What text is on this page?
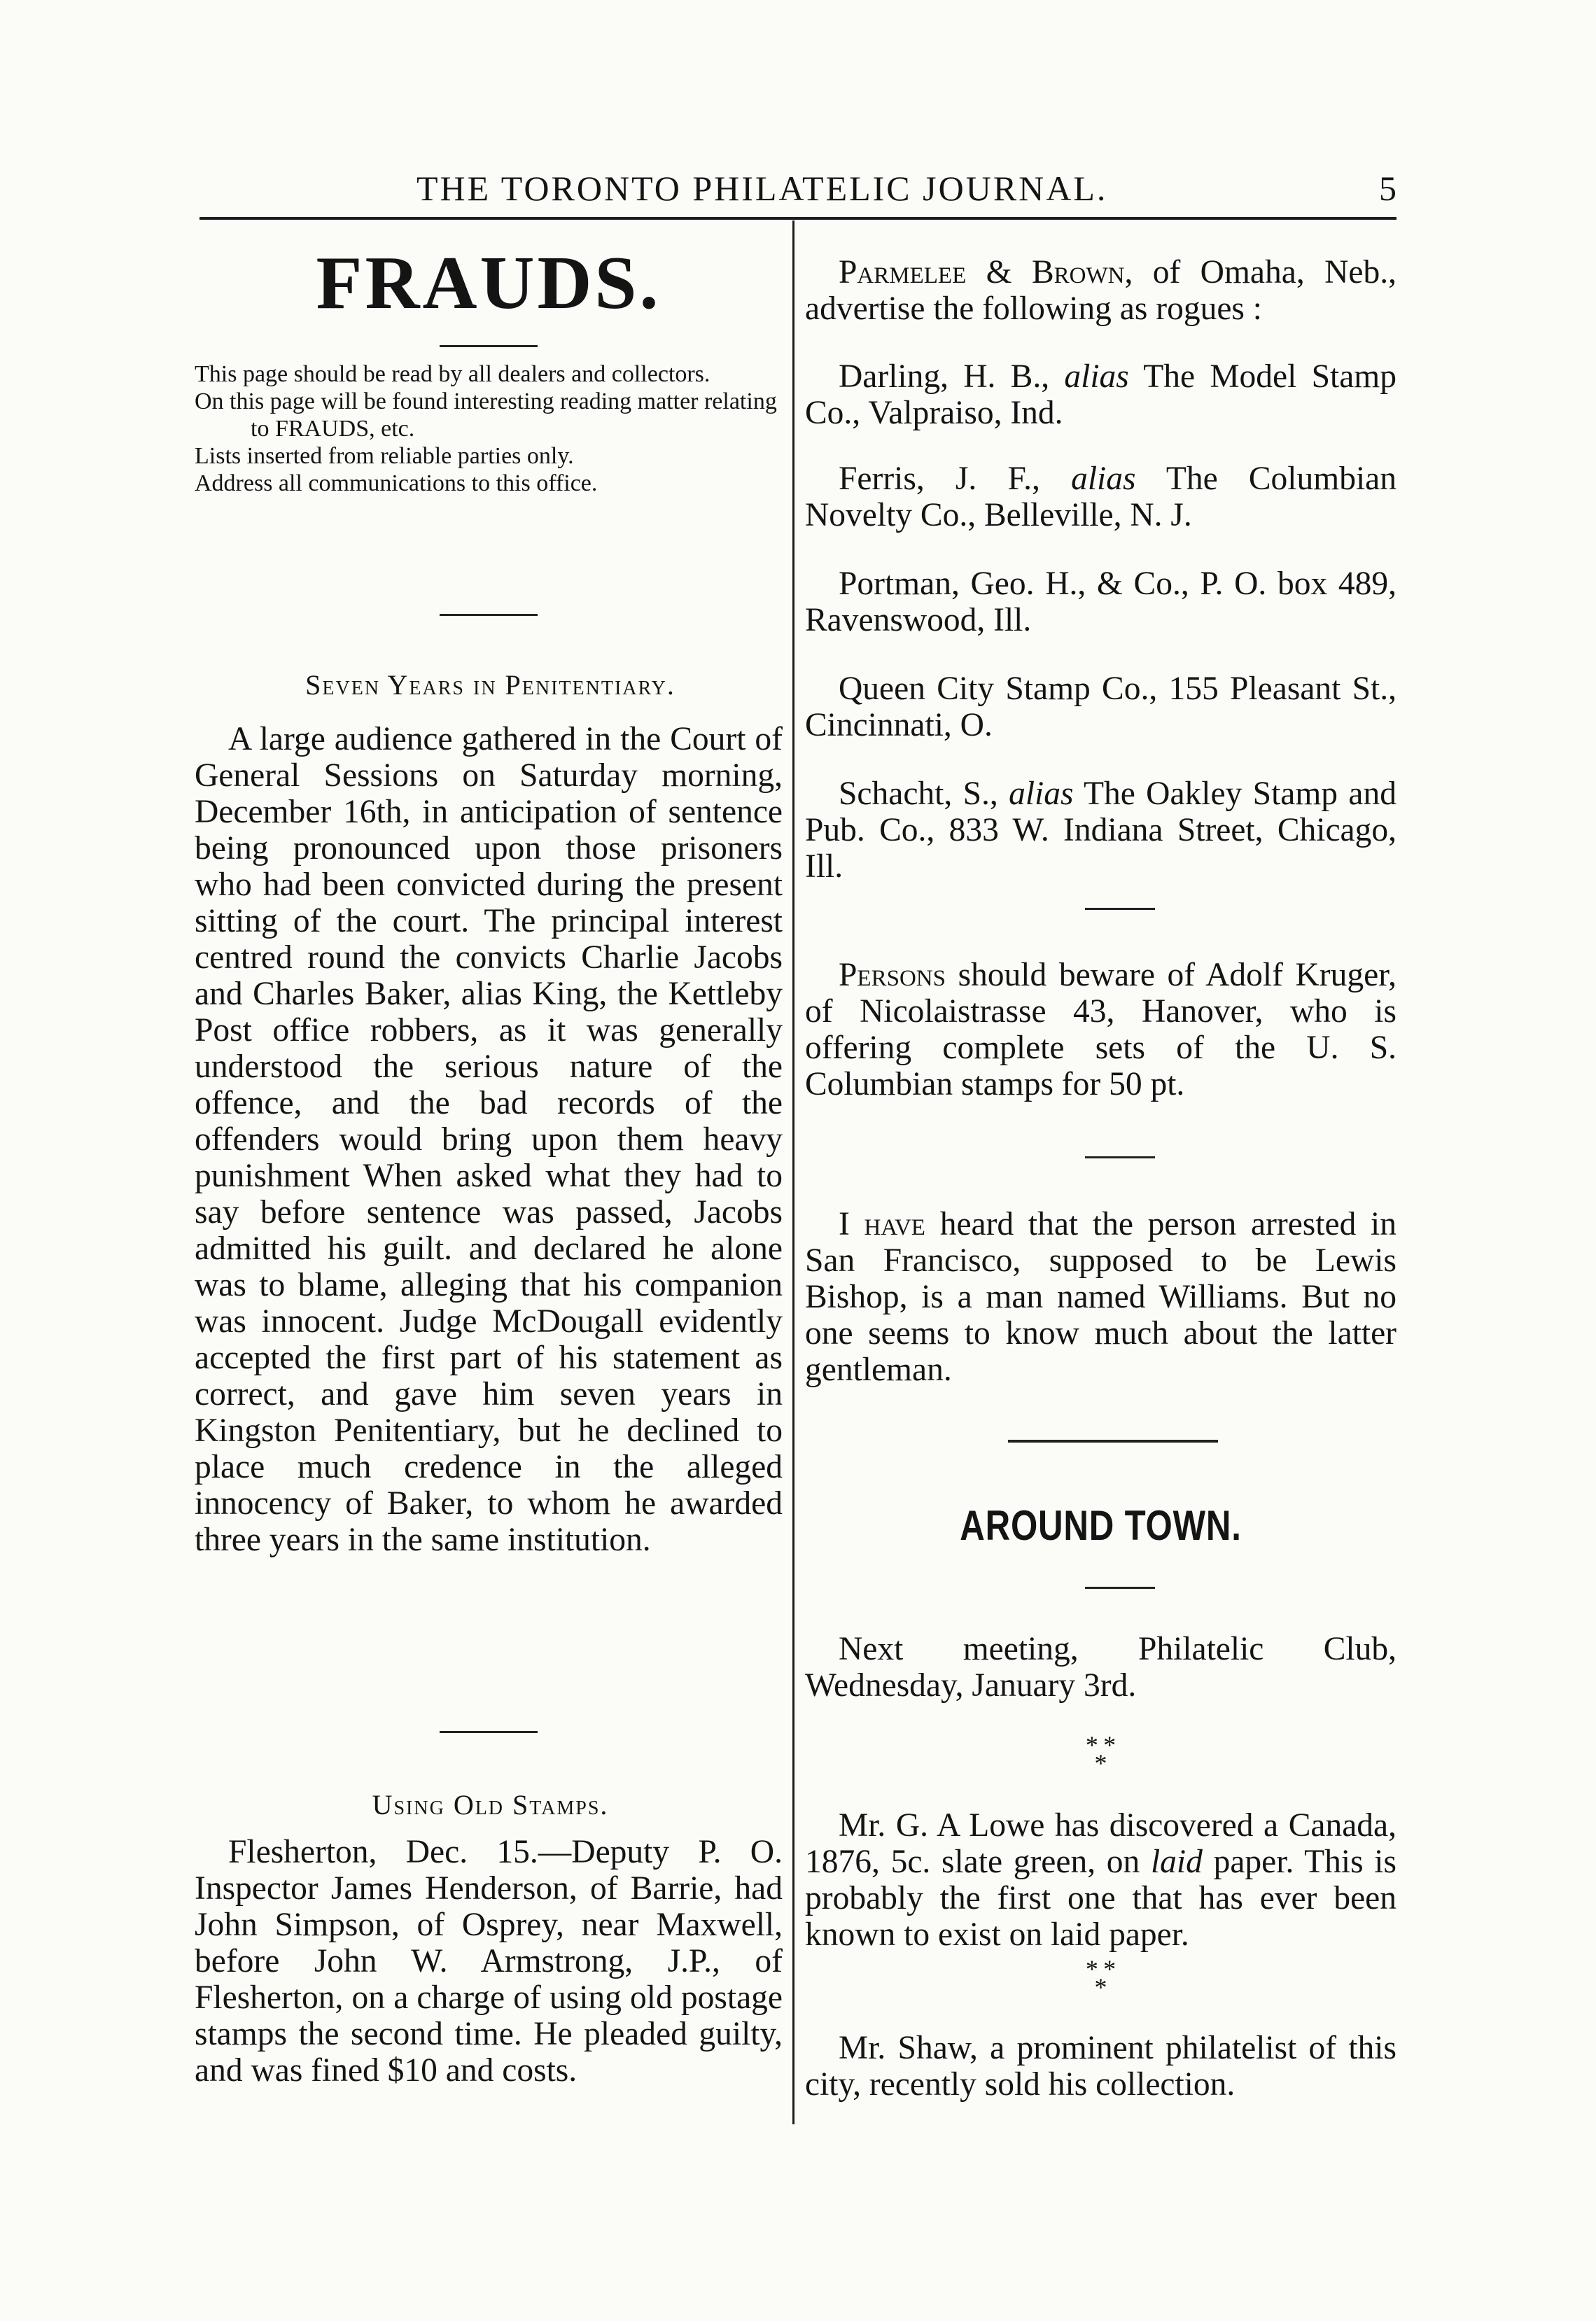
THE TORONTO PHILATELIC JOURNAL.	5
FRAUDS.
This page should be read by all dealers and collectors.
On this page will be found interesting reading matter relating to FRAUDS, etc.
Lists inserted from reliable parties only.
Address all communications to this office.
Seven Years in Penitentiary.

A large audience gathered in the Court of General Sessions on Saturday morning, December 16th, in anticipation of sentence being pronounced upon those prisoners who had been convicted during the present sitting of the court. The principal interest centred round the convicts Charlie Jacobs and Charles Baker, alias King, the Kettleby Post office robbers, as it was generally understood the serious nature of the offence, and the bad records of the offenders would bring upon them heavy punishment When asked what they had to say before sentence was passed, Jacobs admitted his guilt. and declared he alone was to blame, alleging that his companion was innocent. Judge McDougall evidently accepted the first part of his statement as correct, and gave him seven years in Kingston Penitentiary, but he declined to place much credence in the alleged innocency of Baker, to whom he awarded three years in the same institution.

Using Old Stamps.

Flesherton, Dec. 15.—Deputy P. O. Inspector James Henderson, of Barrie, had John Simpson, of Osprey, near Maxwell, before John W. Armstrong, J.P., of Flesherton, on a charge of using old postage stamps the second time. He pleaded guilty, and was fined $10 and costs.

Parmelee & Brown, of Omaha, Neb., advertise the following as rogues :

Darling, H. B., alias The Model Stamp Co., Valpraiso, Ind.

Ferris, J. F., alias The Columbian Novelty Co., Belleville, N. J.

Portman, Geo. H., & Co., P. O. box 489, Ravenswood, Ill.

Queen City Stamp Co., 155 Pleasant St., Cincinnati, O.

Schacht, S., alias The Oakley Stamp and Pub. Co., 833 W. Indiana Street, Chicago, Ill.

Persons should beware of Adolf Kruger, of Nicolaistrasse 43, Hanover, who is offering complete sets of the U. S. Columbian stamps for 50 pt.

I have heard that the person arrested in San Francisco, supposed to be Lewis Bishop, is a man named Williams. But no one seems to know much about the latter gentleman.

AROUND TOWN.

Next meeting, Philatelic Club, Wednesday, January 3rd.

* *
*

Mr. G. A Lowe has discovered a Canada, 1876, 5c. slate green, on laid paper. This is probably the first one that has ever been known to exist on laid paper.

* *
*

Mr. Shaw, a prominent philatelist of this city, recently sold his collection.
